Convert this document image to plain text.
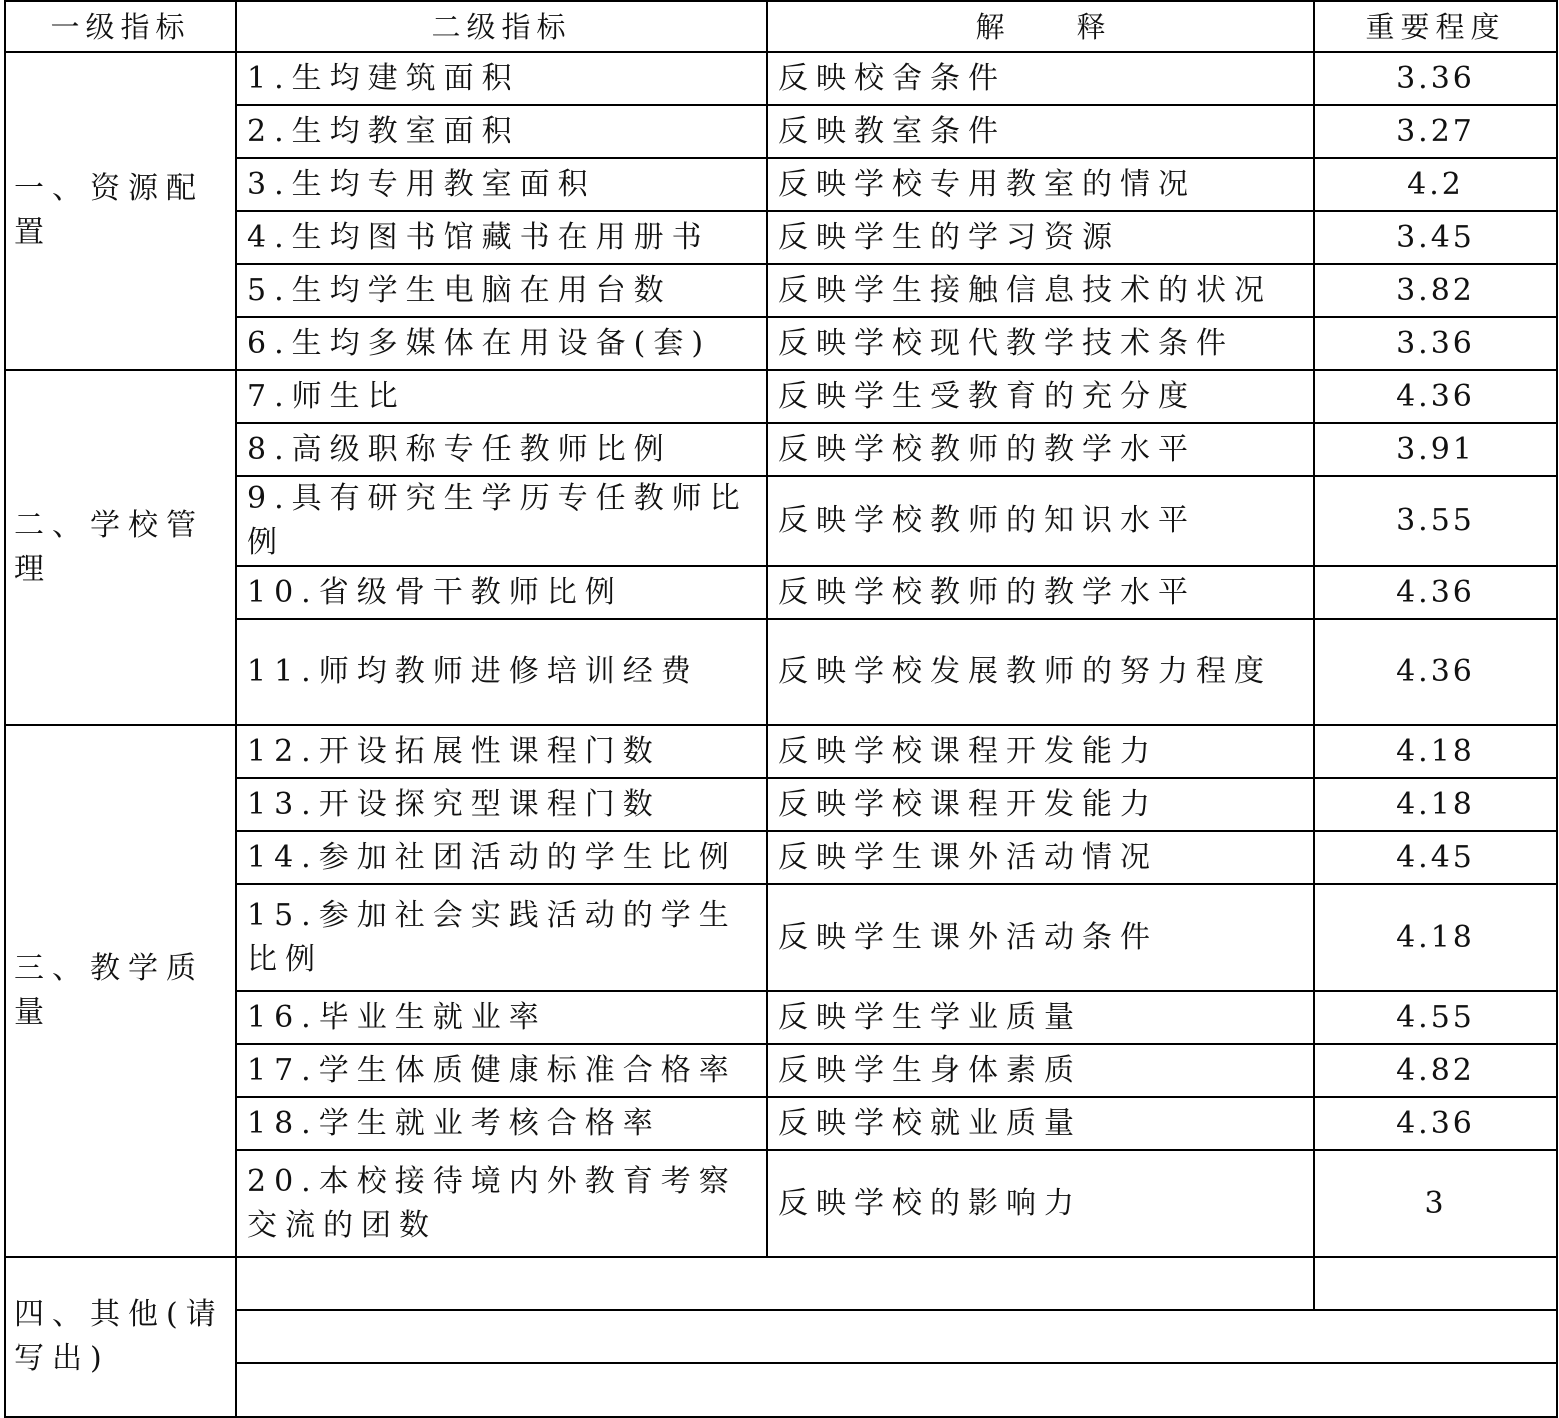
一级指标	二级指标	解 释	重要程度
一、资源配置	1.生均建筑面积	反映校舍条件	3.36
	2.生均教室面积	反映教室条件	3.27
	3.生均专用教室面积	反映学校专用教室的情况	4.2
	4.生均图书馆藏书在用册书	反映学生的学习资源	3.45
	5.生均学生电脑在用台数	反映学生接触信息技术的状况	3.82
	6.生均多媒体在用设备(套)	反映学校现代教学技术条件	3.36
二、学校管理	7.师生比	反映学生受教育的充分度	4.36
	8.高级职称专任教师比例	反映学校教师的教学水平	3.91
	9.具有研究生学历专任教师比例	反映学校教师的知识水平	3.55
	10.省级骨干教师比例	反映学校教师的教学水平	4.36
	11.师均教师进修培训经费	反映学校发展教师的努力程度	4.36
三、教学质量	12.开设拓展性课程门数	反映学校课程开发能力	4.18
	13.开设探究型课程门数	反映学校课程开发能力	4.18
	14.参加社团活动的学生比例	反映学生课外活动情况	4.45
	15.参加社会实践活动的学生比例	反映学生课外活动条件	4.18
	16.毕业生就业率	反映学生学业质量	4.55
	17.学生体质健康标准合格率	反映学生身体素质	4.82
	18.学生就业考核合格率	反映学校就业质量	4.36
	20.本校接待境内外教育考察交流的团数	反映学校的影响力	3
四、其他(请写出)			
